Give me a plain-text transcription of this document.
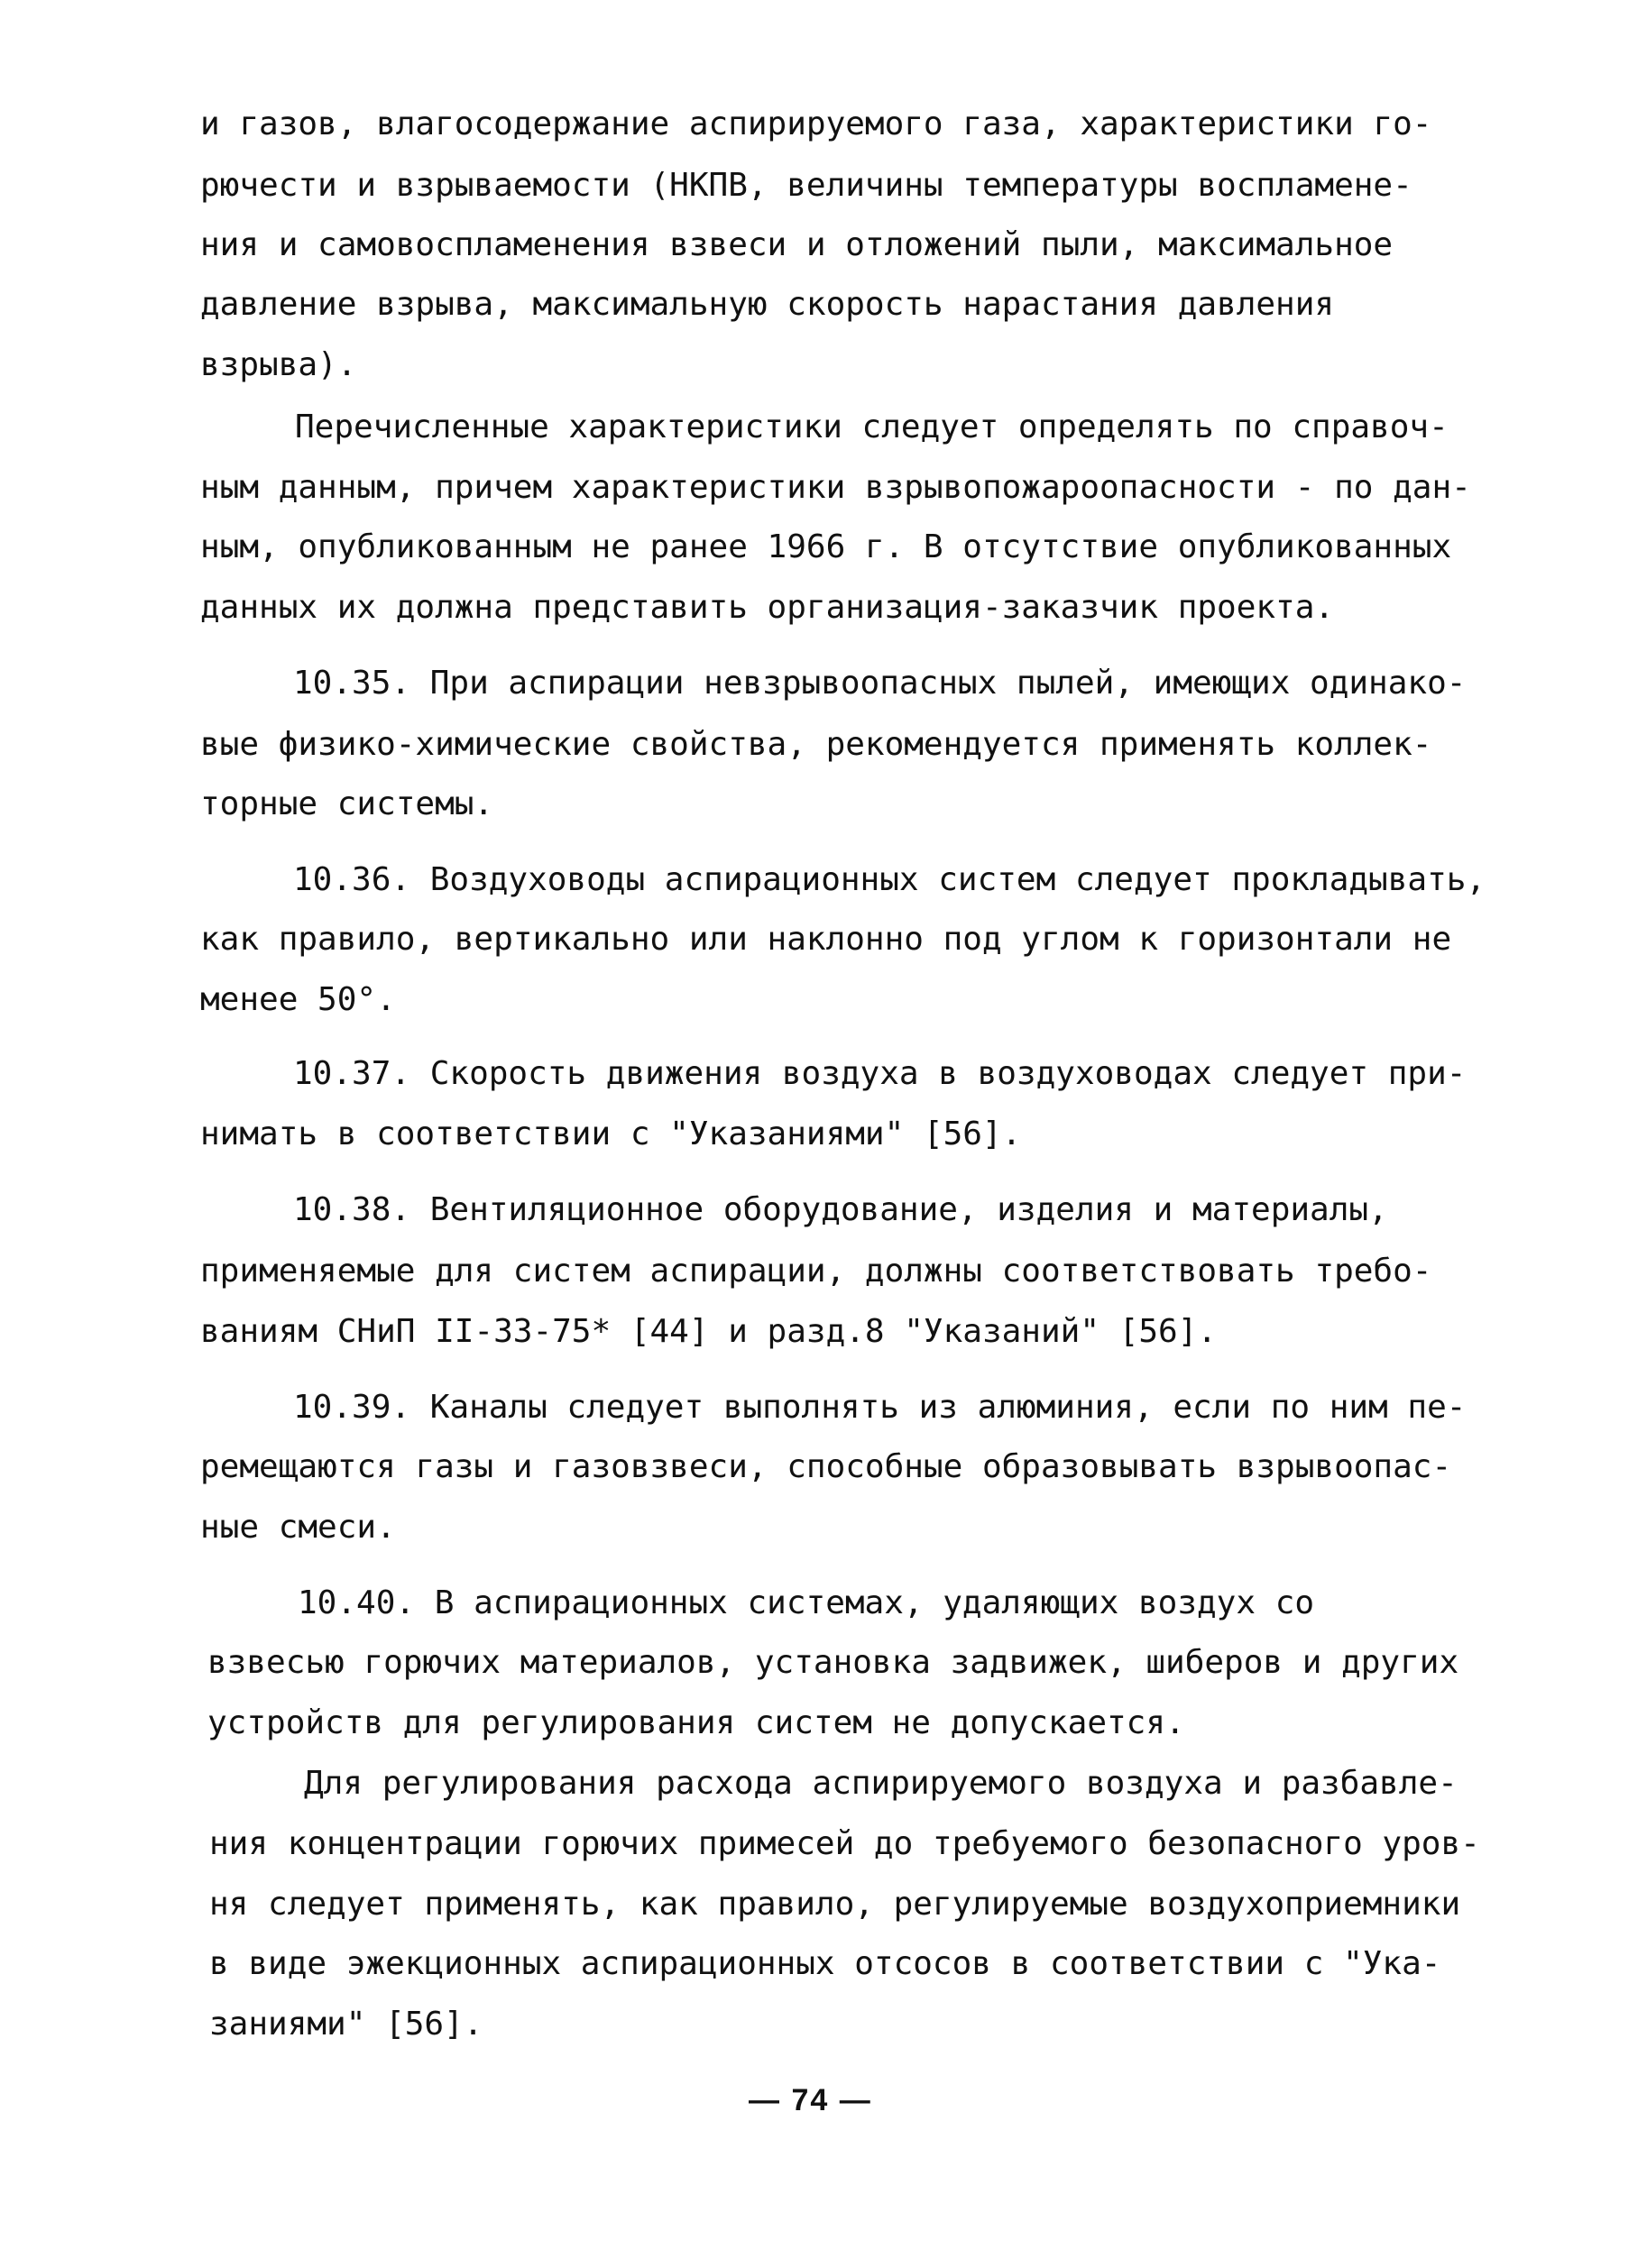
и газов, влагосодержание аспирируемого газа, характеристики го-
рючести и взрываемости (НКПВ, величины температуры воспламене-
ния и самовоспламенения взвеси и отложений пыли, максимальное
давление взрыва, максимальную скорость нарастания давления
взрыва).
Перечисленные характеристики следует определять по справоч-
ным данным, причем характеристики взрывопожароопасности - по дан-
ным, опубликованным не ранее 1966 г. В отсутствие опубликованных
данных их должна представить организация-заказчик проекта.
10.35. При аспирации невзрывоопасных пылей, имеющих одинако-
вые физико-химические свойства, рекомендуется применять коллек-
торные системы.
10.36. Воздуховоды аспирационных систем следует прокладывать,
как правило, вертикально или наклонно под углом к горизонтали не
менее 50°.
10.37. Скорость движения воздуха в воздуховодах следует при-
нимать в соответствии с "Указаниями" [56].
10.38. Вентиляционное оборудование, изделия и материалы,
применяемые для систем аспирации, должны соответствовать требо-
ваниям СНиП II-33-75* [44] и разд.8 "Указаний" [56].
10.39. Каналы следует выполнять из алюминия, если по ним пе-
ремещаются газы и газовзвеси, способные образовывать взрывоопас-
ные смеси.
10.40. В аспирационных системах, удаляющих воздух со
взвесью горючих материалов, установка задвижек, шиберов и других
устройств для регулирования систем не допускается.
Для регулирования расхода аспирируемого воздуха и разбавле-
ния концентрации горючих примесей до требуемого безопасного уров-
ня следует применять, как правило, регулируемые воздухоприемники
в виде эжекционных аспирационных отсосов в соответствии с "Ука-
заниями" [56].
— 74 —
